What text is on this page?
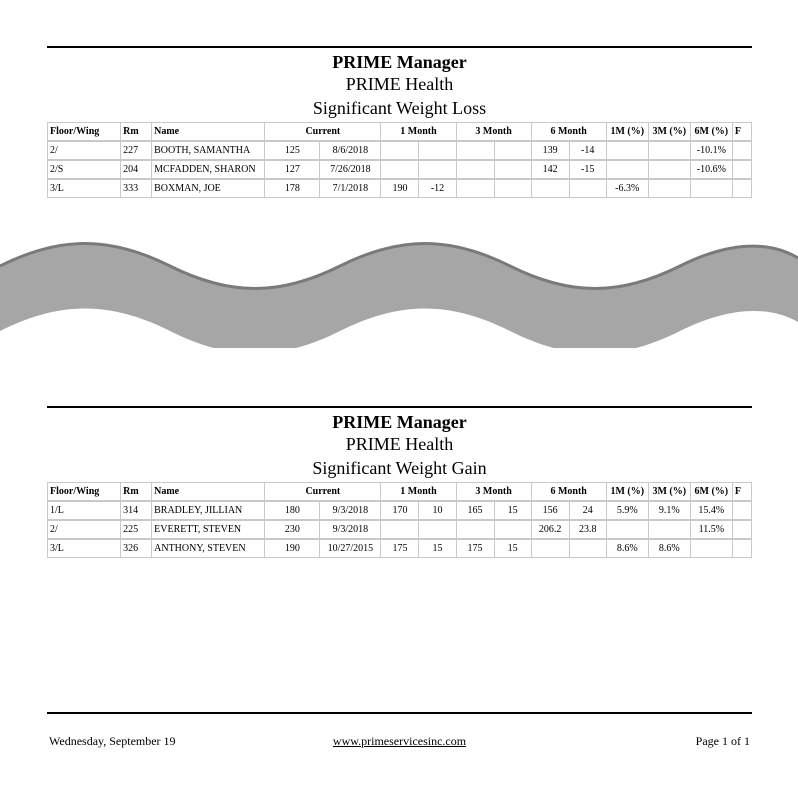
PRIME Manager
PRIME Health
Significant Weight Loss
Floor/Wing	Rm	Name	Current		1 Month		3 Month		6 Month		1M (%)	3M (%)	6M (%)	F
2/	227	BOOTH, SAMANTHA	125	8/6/2018					139	-14			-10.1%	
2/S	204	MCFADDEN, SHARON	127	7/26/2018					142	-15			-10.6%	
3/L	333	BOXMAN, JOE	178	7/1/2018	190	-12					-6.3%			
PRIME Manager
PRIME Health
Significant Weight Gain
Floor/Wing	Rm	Name	Current		1 Month		3 Month		6 Month		1M (%)	3M (%)	6M (%)	F
1/L	314	BRADLEY, JILLIAN	180	9/3/2018	170	10	165	15	156	24	5.9%	9.1%	15.4%	
2/	225	EVERETT, STEVEN	230	9/3/2018					206.2	23.8			11.5%	
3/L	326	ANTHONY, STEVEN	190	10/27/2015	175	15	175	15			8.6%	8.6%		
Wednesday, September 19	www.primeservicesinc.com	Page 1 of 1
